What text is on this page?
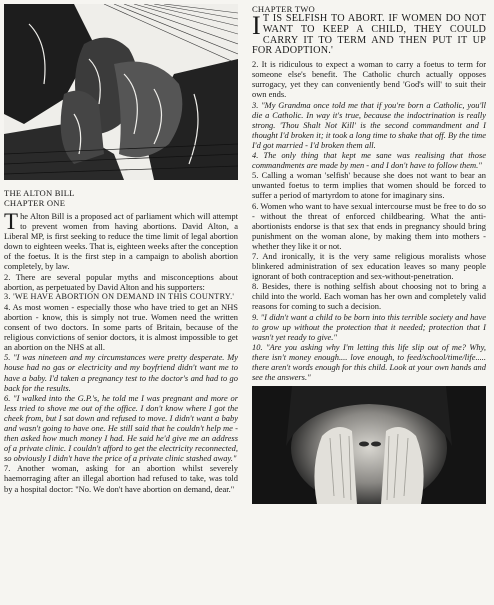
THE ALTON BILL
CHAPTER ONE

The Alton Bill is a proposed act of parliament which will attempt to prevent women from having abortions. David Alton, a Liberal MP, is first seeking to reduce the time limit of legal abortion down to eighteen weeks. That is, eighteen weeks after the conception of the foetus. It is the first step in a campaign to abolish abortion completely, by law.

2. There are several popular myths and misconceptions about abortion, as perpetuated by David Alton and his supporters:

3. 'WE HAVE ABORTION ON DEMAND IN THIS COUNTRY.'

4. As most women - especially those who have tried to get an NHS abortion - know, this is simply not true. Women need the written consent of two doctors. In some parts of Britain, because of the religious convictions of senior doctors, it is almost impossible to get an abortion on the NHS at all.

5. "I was nineteen and my circumstances were pretty desperate. My house had no gas or electricity and my boyfriend didn't want me to have a baby. I'd taken a pregnancy test to the doctor's and had to go back for the results.

6. "I walked into the G.P.'s, he told me I was pregnant and more or less tried to shove me out of the office. I don't know where I got the cheek from, but I sat down and refused to move. I didn't want a baby and wasn't going to have one. He still said that he couldn't help me - then asked how much money I had. He said he'd give me an address of a private clinic. I couldn't afford to get the electricity reconnected, so obviously I didn't have the price of a private clinic stashed away."

7. Another woman, asking for an abortion whilst severely haemorraging after an illegal abortion had refused to take, was told by a hospital doctor: "No. We don't have abortion on demand, dear."

CHAPTER TWO

I T IS SELFISH TO ABORT. IF WOMEN DO NOT WANT TO KEEP A CHILD, THEY COULD CARRY IT TO TERM AND THEN PUT IT UP FOR ADOPTION.'

2. It is ridiculous to expect a woman to carry a foetus to term for someone else's benefit. The Catholic church actually opposes surrogacy, yet they can conveniently bend 'God's will' to suit their own ends.

3. "My Grandma once told me that if you're born a Catholic, you'll die a Catholic. In way it's true, because the indoctrination is really strong. 'Thou Shalt Not Kill' is the second commandment and I thought I'd broken it; it took a long time to shake that off. By the time I'd got married - I'd broken them all.

4. The only thing that kept me sane was realising that those commandments are made by men - and I don't have to follow them."

5. Calling a woman 'selfish' because she does not want to bear an unwanted foetus to term implies that women should be forced to suffer a period of martyrdom to atone for imaginary sins.

6. Women who want to have sexual intercourse must be free to do so - without the threat of enforced childbearing. What the anti-abortionists endorse is that sex that ends in pregnancy should bring punishment on the woman alone, by making them into mothers - whether they like it or not.

7. And ironically, it is the very same religious moralists whose blinkered administration of sex education leaves so many people ignorant of both contraception and sex-without-penetration.

8. Besides, there is nothing selfish about choosing not to bring a child into the world. Each woman has her own and completely valid reasons for coming to such a decision.

9. "I didn't want a child to be born into this terrible society and have to grow up without the protection that it needed; protection that I wasn't yet ready to give."

10. "Are you asking why I'm letting this life slip out of me? Why, there isn't money enough.... love enough, to feed/school/time/life..... there aren't words enough for this child. Look at your own hands and see the answers."
